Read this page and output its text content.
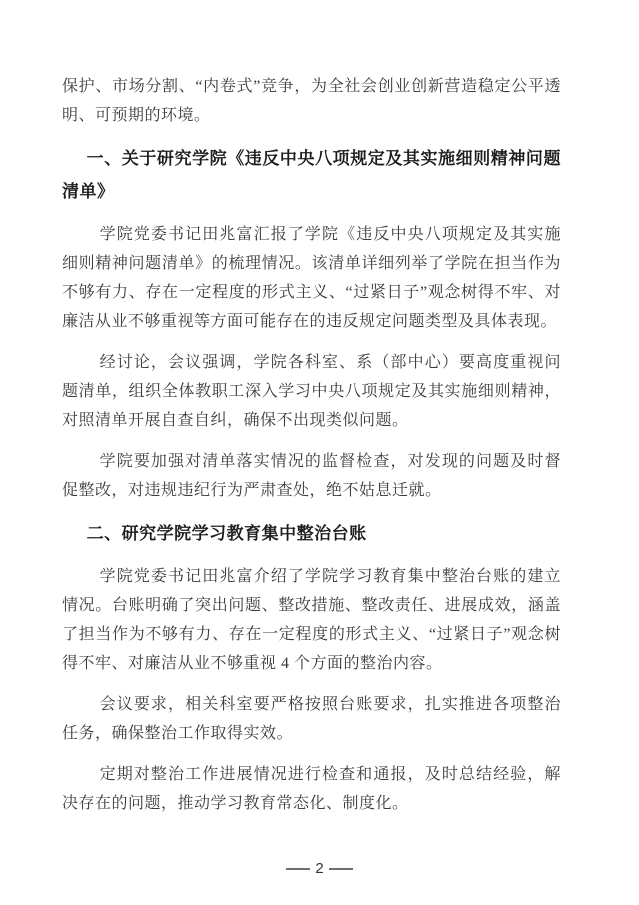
保护、市场分割、“内卷式”竞争，为全社会创业创新营造稳定公平透明、可预期的环境。

一、关于研究学院《违反中央八项规定及其实施细则精神问题清单》

学院党委书记田兆富汇报了学院《违反中央八项规定及其实施细则精神问题清单》的梳理情况。该清单详细列举了学院在担当作为不够有力、存在一定程度的形式主义、“过紧日子”观念树得不牢、对廉洁从业不够重视等方面可能存在的违反规定问题类型及具体表现。

经讨论，会议强调，学院各科室、系（部中心）要高度重视问题清单，组织全体教职工深入学习中央八项规定及其实施细则精神，对照清单开展自查自纠，确保不出现类似问题。

学院要加强对清单落实情况的监督检查，对发现的问题及时督促整改，对违规违纪行为严肃查处，绝不姑息迁就。

二、研究学院学习教育集中整治台账

学院党委书记田兆富介绍了学院学习教育集中整治台账的建立情况。台账明确了突出问题、整改措施、整改责任、进展成效，涵盖了担当作为不够有力、存在一定程度的形式主义、“过紧日子”观念树得不牢、对廉洁从业不够重视 4 个方面的整治内容。

会议要求，相关科室要严格按照台账要求，扎实推进各项整治任务，确保整治工作取得实效。

定期对整治工作进展情况进行检查和通报，及时总结经验，解决存在的问题，推动学习教育常态化、制度化。

2
